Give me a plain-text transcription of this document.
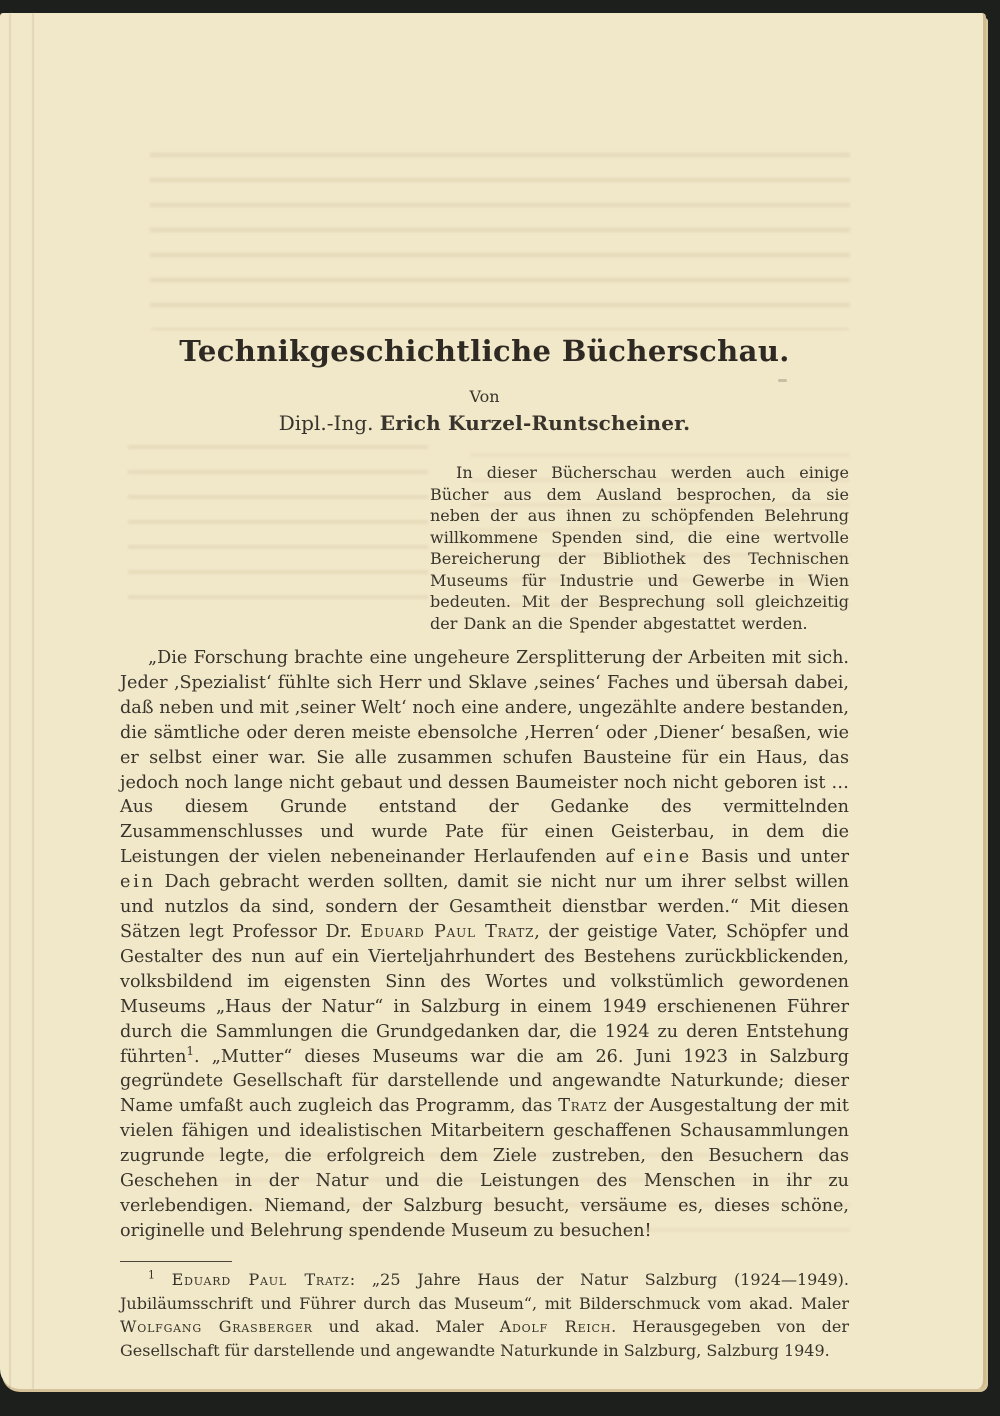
Technikgeschichtliche Bücherschau.
Von
Dipl.-Ing. Erich Kurzel-Runtscheiner.

In dieser Bücherschau werden auch einige Bücher aus dem Ausland besprochen, da sie neben der aus ihnen zu schöpfenden Belehrung willkommene Spenden sind, die eine wertvolle Bereicherung der Bibliothek des Technischen Museums für Industrie und Gewerbe in Wien bedeuten. Mit der Besprechung soll gleichzeitig der Dank an die Spender abgestattet werden.

„Die Forschung brachte eine ungeheure Zersplitterung der Arbeiten mit sich. Jeder ‚Spezialist‘ fühlte sich Herr und Sklave ‚seines‘ Faches und übersah dabei, daß neben und mit ‚seiner Welt‘ noch eine andere, ungezählte andere bestanden, die sämtliche oder deren meiste ebensolche ‚Herren‘ oder ‚Diener‘ besaßen, wie er selbst einer war. Sie alle zusammen schufen Bausteine für ein Haus, das jedoch noch lange nicht gebaut und dessen Baumeister noch nicht geboren ist … Aus diesem Grunde entstand der Gedanke des vermittelnden Zusammenschlusses und wurde Pate für einen Geisterbau, in dem die Leistungen der vielen nebeneinander Herlaufenden auf eine Basis und unter ein Dach gebracht werden sollten, damit sie nicht nur um ihrer selbst willen und nutzlos da sind, sondern der Gesamtheit dienstbar werden.“ Mit diesen Sätzen legt Professor Dr. Eduard Paul Tratz, der geistige Vater, Schöpfer und Gestalter des nun auf ein Vierteljahrhundert des Bestehens zurückblickenden, volksbildend im eigensten Sinn des Wortes und volkstümlich gewordenen Museums „Haus der Natur“ in Salzburg in einem 1949 erschienenen Führer durch die Sammlungen die Grundgedanken dar, die 1924 zu deren Entstehung führten$^1$. „Mutter“ dieses Museums war die am 26. Juni 1923 in Salzburg gegründete Gesellschaft für darstellende und angewandte Naturkunde; dieser Name umfaßt auch zugleich das Programm, das Tratz der Ausgestaltung der mit vielen fähigen und idealistischen Mitarbeitern geschaffenen Schausammlungen zugrunde legte, die erfolgreich dem Ziele zustreben, den Besuchern das Geschehen in der Natur und die Leistungen des Menschen in ihr zu verlebendigen. Niemand, der Salzburg besucht, versäume es, dieses schöne, originelle und Belehrung spendende Museum zu besuchen!

$^1$ Eduard Paul Tratz: „25 Jahre Haus der Natur Salzburg (1924—1949). Jubiläumsschrift und Führer durch das Museum“, mit Bilderschmuck vom akad. Maler Wolfgang Grasberger und akad. Maler Adolf Reich. Herausgegeben von der Gesellschaft für darstellende und angewandte Naturkunde in Salzburg, Salzburg 1949.
